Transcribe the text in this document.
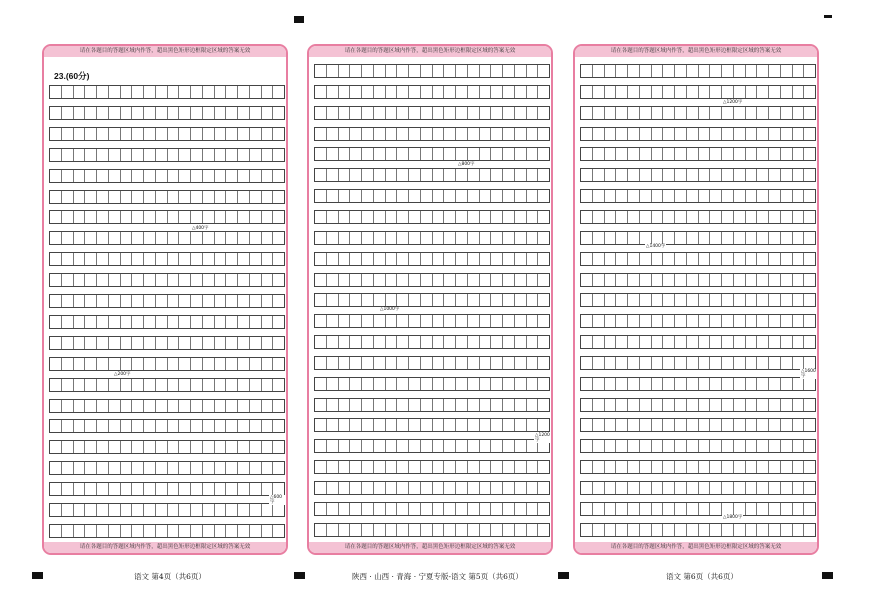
请在各题目的答题区域内作答，超出黑色矩形边框限定区域的答案无效
23.(60分)
△200字
△400字
△600字
请在各题目的答题区域内作答，超出黑色矩形边框限定区域的答案无效
请在各题目的答题区域内作答，超出黑色矩形边框限定区域的答案无效
△800字
△1000字
△1200字
请在各题目的答题区域内作答，超出黑色矩形边框限定区域的答案无效
请在各题目的答题区域内作答，超出黑色矩形边框限定区域的答案无效
△1200字
△1400字
△1600字
△1800字
请在各题目的答题区域内作答，超出黑色矩形边框限定区域的答案无效
语文 第4页（共6页）	陕西 · 山西 · 青海 · 宁夏专版-语文 第5页（共6页）	语文 第6页（共6页）
